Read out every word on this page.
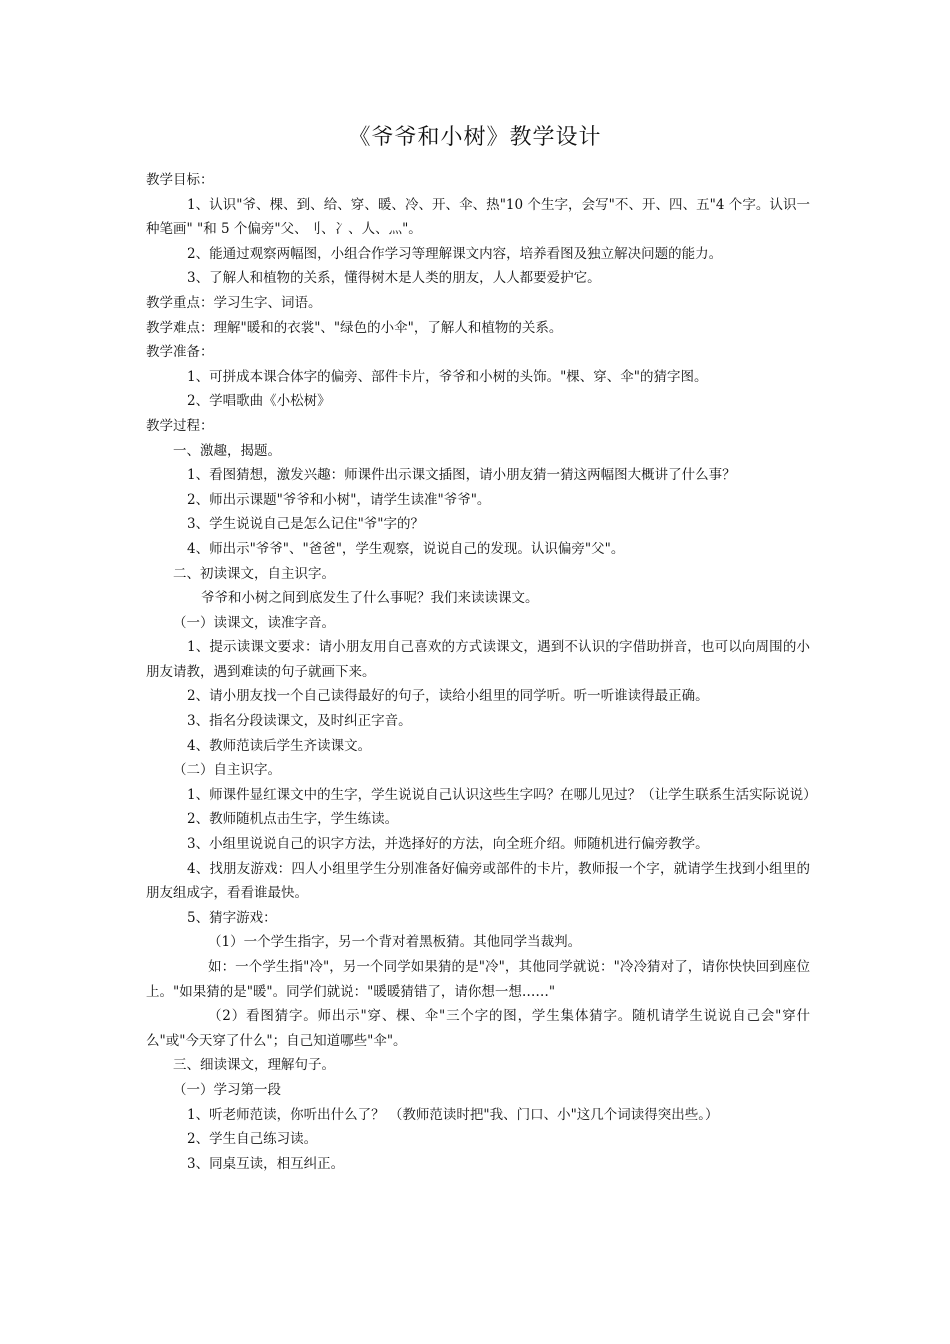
《爷爷和小树》教学设计

教学目标：

1、认识"爷、棵、到、给、穿、暖、冷、开、伞、热"10 个生字，会写"不、开、四、五"4 个字。认识一种笔画" "和 5 个偏旁"父、刂、冫、人、灬"。

2、能通过观察两幅图，小组合作学习等理解课文内容，培养看图及独立解决问题的能力。

3、了解人和植物的关系，懂得树木是人类的朋友，人人都要爱护它。

教学重点：学习生字、词语。

教学难点：理解"暖和的衣裳"、"绿色的小伞"，了解人和植物的关系。

教学准备：

1、可拼成本课合体字的偏旁、部件卡片，爷爷和小树的头饰。"棵、穿、伞"的猜字图。

2、学唱歌曲《小松树》

教学过程：

一、激趣，揭题。

1、看图猜想，激发兴趣：师课件出示课文插图，请小朋友猜一猜这两幅图大概讲了什么事？

2、师出示课题"爷爷和小树"，请学生读准"爷爷"。

3、学生说说自己是怎么记住"爷"字的？

4、师出示"爷爷"、"爸爸"，学生观察，说说自己的发现。认识偏旁"父"。

二、初读课文，自主识字。

爷爷和小树之间到底发生了什么事呢？我们来读读课文。

（一）读课文，读准字音。

1、提示读课文要求：请小朋友用自己喜欢的方式读课文，遇到不认识的字借助拼音，也可以向周围的小朋友请教，遇到难读的句子就画下来。

2、请小朋友找一个自己读得最好的句子，读给小组里的同学听。听一听谁读得最正确。

3、指名分段读课文，及时纠正字音。

4、教师范读后学生齐读课文。

（二）自主识字。

1、师课件显红课文中的生字，学生说说自己认识这些生字吗？在哪儿见过？（让学生联系生活实际说说）

2、教师随机点击生字，学生练读。

3、小组里说说自己的识字方法，并选择好的方法，向全班介绍。师随机进行偏旁教学。

4、找朋友游戏：四人小组里学生分别准备好偏旁或部件的卡片，教师报一个字，就请学生找到小组里的朋友组成字，看看谁最快。

5、猜字游戏：

（1）一个学生指字，另一个背对着黑板猜。其他同学当裁判。

如：一个学生指"冷"，另一个同学如果猜的是"冷"，其他同学就说："冷冷猜对了，请你快快回到座位上。"如果猜的是"暖"。同学们就说："暖暖猜错了，请你想一想……"

（2）看图猜字。师出示"穿、棵、伞"三个字的图，学生集体猜字。随机请学生说说自己会"穿什么"或"今天穿了什么"；自己知道哪些"伞"。

三、细读课文，理解句子。

（一）学习第一段

1、听老师范读，你听出什么了？ （教师范读时把"我、门口、小"这几个词读得突出些。）

2、学生自己练习读。

3、同桌互读，相互纠正。
